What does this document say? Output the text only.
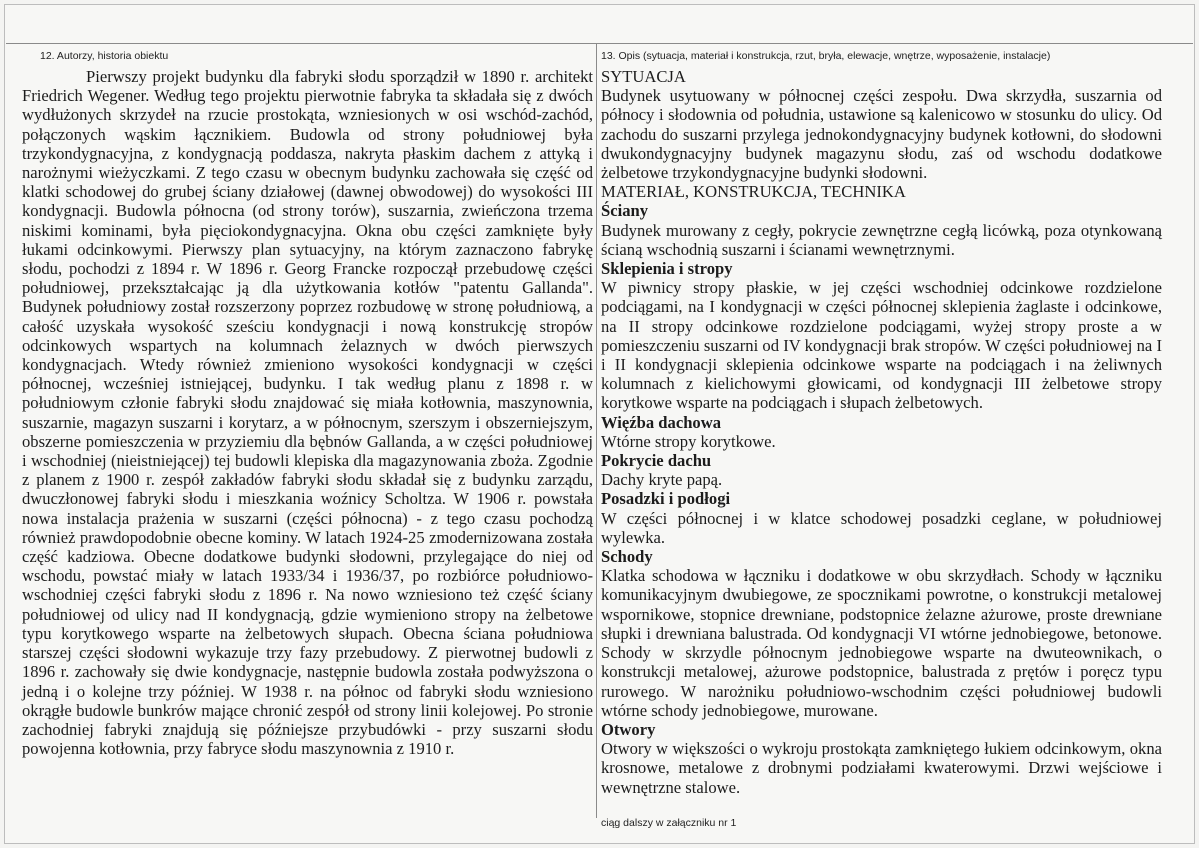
12. Autorzy, historia obiektu

Pierwszy projekt budynku dla fabryki słodu sporządził w 1890 r. architekt Friedrich Wegener. Według tego projektu pierwotnie fabryka ta składała się z dwóch wydłużonych skrzydeł na rzucie prostokąta, wzniesionych w osi wschód-zachód, połączonych wąskim łącznikiem. Budowla od strony południowej była trzykondygnacyjna, z kondygnacją poddasza, nakryta płaskim dachem z attyką i narożnymi wieżyczkami. Z tego czasu w obecnym budynku zachowała się część od klatki schodowej do grubej ściany działowej (dawnej obwodowej) do wysokości III kondygnacji. Budowla północna (od strony torów), suszarnia, zwieńczona trzema niskimi kominami, była pięciokondygnacyjna. Okna obu części zamknięte były łukami odcinkowymi. Pierwszy plan sytuacyjny, na którym zaznaczono fabrykę słodu, pochodzi z 1894 r. W 1896 r. Georg Francke rozpoczął przebudowę części południowej, przekształcając ją dla użytkowania kotłów "patentu Gallanda". Budynek południowy został rozszerzony poprzez rozbudowę w stronę południową, a całość uzyskała wysokość sześciu kondygnacji i nową konstrukcję stropów odcinkowych wspartych na kolumnach żelaznych w dwóch pierwszych kondygnacjach. Wtedy również zmieniono wysokości kondygnacji w części północnej, wcześniej istniejącej, budynku. I tak według planu z 1898 r. w południowym członie fabryki słodu znajdować się miała kotłownia, maszynownia, suszarnie, magazyn suszarni i korytarz, a w północnym, szerszym i obszerniejszym, obszerne pomieszczenia w przyziemiu dla bębnów Gallanda, a w części południowej i wschodniej (nieistniejącej) tej budowli klepiska dla magazynowania zboża. Zgodnie z planem z 1900 r. zespół zakładów fabryki słodu składał się z budynku zarządu, dwuczłonowej fabryki słodu i mieszkania woźnicy Scholtza. W 1906 r. powstała nowa instalacja prażenia w suszarni (części północna) - z tego czasu pochodzą również prawdopodobnie obecne kominy. W latach 1924-25 zmodernizowana została część kadziowa. Obecne dodatkowe budynki słodowni, przylegające do niej od wschodu, powstać miały w latach 1933/34 i 1936/37, po rozbiórce południowo- wschodniej części fabryki słodu z 1896 r. Na nowo wzniesiono też część ściany południowej od ulicy nad II kondygnacją, gdzie wymieniono stropy na żelbetowe typu korytkowego wsparte na żelbetowych słupach. Obecna ściana południowa starszej części słodowni wykazuje trzy fazy przebudowy. Z pierwotnej budowli z 1896 r. zachowały się dwie kondygnacje, następnie budowla została podwyższona o jedną i o kolejne trzy później. W 1938 r. na północ od fabryki słodu wzniesiono okrągłe budowle bunkrów mające chronić zespół od strony linii kolejowej. Po stronie zachodniej fabryki znajdują się późniejsze przybudówki - przy suszarni słodu powojenna kotłownia, przy fabryce słodu maszynownia z 1910 r.

13. Opis (sytuacja, materiał i konstrukcja, rzut, bryła, elewacje, wnętrze, wyposażenie, instalacje)

SYTUACJA

Budynek usytuowany w północnej części zespołu. Dwa skrzydła, suszarnia od północy i słodownia od południa, ustawione są kalenicowo w stosunku do ulicy. Od zachodu do suszarni przylega jednokondygnacyjny budynek kotłowni, do słodowni dwukondygnacyjny budynek magazynu słodu, zaś od wschodu dodatkowe żelbetowe trzykondygnacyjne budynki słodowni.

MATERIAŁ, KONSTRUKCJA, TECHNIKA

Ściany

Budynek murowany z cegły, pokrycie zewnętrzne cegłą licówką, poza otynkowaną ścianą wschodnią suszarni i ścianami wewnętrznymi.

Sklepienia i stropy

W piwnicy stropy płaskie, w jej części wschodniej odcinkowe rozdzielone podciągami, na I kondygnacji w części północnej sklepienia żaglaste i odcinkowe, na II stropy odcinkowe rozdzielone podciągami, wyżej stropy proste a w pomieszczeniu suszarni od IV kondygnacji brak stropów. W części południowej na I i II kondygnacji sklepienia odcinkowe wsparte na podciągach i na żeliwnych kolumnach z kielichowymi głowicami, od kondygnacji III żelbetowe stropy korytkowe wsparte na podciągach i słupach żelbetowych.

Więźba dachowa

Wtórne stropy korytkowe.

Pokrycie dachu

Dachy kryte papą.

Posadzki i podłogi

W części północnej i w klatce schodowej posadzki ceglane, w południowej wylewka.

Schody

Klatka schodowa w łączniku i dodatkowe w obu skrzydłach. Schody w łączniku komunikacyjnym dwubiegowe, ze spocznikami powrotne, o konstrukcji metalowej wspornikowe, stopnice drewniane, podstopnice żelazne ażurowe, proste drewniane słupki i drewniana balustrada. Od kondygnacji VI wtórne jednobiegowe, betonowe. Schody w skrzydle północnym jednobiegowe wsparte na dwuteownikach, o konstrukcji metalowej, ażurowe podstopnice, balustrada z prętów i poręcz typu rurowego. W narożniku południowo-wschodnim części południowej budowli wtórne schody jednobiegowe, murowane.

Otwory

Otwory w większości o wykroju prostokąta zamkniętego łukiem odcinkowym, okna krosnowe, metalowe z drobnymi podziałami kwaterowymi. Drzwi wejściowe i wewnętrzne stalowe.

ciąg dalszy w załączniku nr 1
